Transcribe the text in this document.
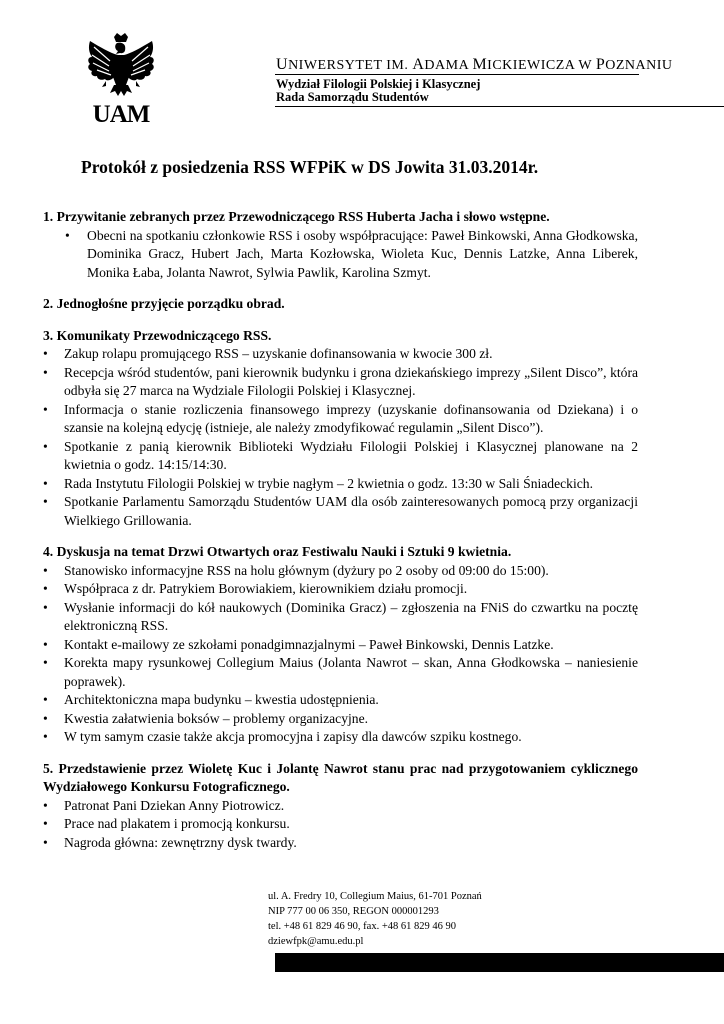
UAM
UNIWERSYTET IM. ADAMA MICKIEWICZA W POZNANIU
Wydział Filologii Polskiej i Klasycznej
Rada Samorządu Studentów
Protokół z posiedzenia RSS WFPiK w DS Jowita 31.03.2014r.

1. Przywitanie zebranych przez Przewodniczącego RSS Huberta Jacha i słowo wstępne.

• Obecni na spotkaniu członkowie RSS i osoby współpracujące: Paweł Binkowski, Anna Głodkowska, Dominika Gracz, Hubert Jach, Marta Kozłowska, Wioleta Kuc, Dennis Latzke, Anna Liberek, Monika Łaba, Jolanta Nawrot, Sylwia Pawlik, Karolina Szmyt.

2. Jednogłośne przyjęcie porządku obrad.

3. Komunikaty Przewodniczącego RSS.

• Zakup rolapu promującego RSS – uzyskanie dofinansowania w kwocie 300 zł.
• Recepcja wśród studentów, pani kierownik budynku i grona dziekańskiego imprezy „Silent Disco”, która odbyła się 27 marca na Wydziale Filologii Polskiej i Klasycznej.
• Informacja o stanie rozliczenia finansowego imprezy (uzyskanie dofinansowania od Dziekana) i o szansie na kolejną edycję (istnieje, ale należy zmodyfikować regulamin „Silent Disco”).
• Spotkanie z panią kierownik Biblioteki Wydziału Filologii Polskiej i Klasycznej planowane na 2 kwietnia o godz. 14:15/14:30.
• Rada Instytutu Filologii Polskiej w trybie nagłym – 2 kwietnia o godz. 13:30 w Sali Śniadeckich.
• Spotkanie Parlamentu Samorządu Studentów UAM dla osób zainteresowanych pomocą przy organizacji Wielkiego Grillowania.

4. Dyskusja na temat Drzwi Otwartych oraz Festiwalu Nauki i Sztuki 9 kwietnia.

• Stanowisko informacyjne RSS na holu głównym (dyżury po 2 osoby od 09:00 do 15:00).
• Współpraca z dr. Patrykiem Borowiakiem, kierownikiem działu promocji.
• Wysłanie informacji do kół naukowych (Dominika Gracz) – zgłoszenia na FNiS do czwartku na pocztę elektroniczną RSS.
• Kontakt e-mailowy ze szkołami ponadgimnazjalnymi – Paweł Binkowski, Dennis Latzke.
• Korekta mapy rysunkowej Collegium Maius (Jolanta Nawrot – skan, Anna Głodkowska – naniesienie poprawek).
• Architektoniczna mapa budynku – kwestia udostępnienia.
• Kwestia załatwienia boksów – problemy organizacyjne.
• W tym samym czasie także akcja promocyjna i zapisy dla dawców szpiku kostnego.

5. Przedstawienie przez Wioletę Kuc i Jolantę Nawrot stanu prac nad przygotowaniem cyklicznego Wydziałowego Konkursu Fotograficznego.

• Patronat Pani Dziekan Anny Piotrowicz.
• Prace nad plakatem i promocją konkursu.
• Nagroda główna: zewnętrzny dysk twardy.
ul. A. Fredry 10, Collegium Maius, 61-701 Poznań
NIP 777 00 06 350, REGON 000001293
tel. +48 61 829 46 90, fax. +48 61 829 46 90
dziewfpk@amu.edu.pl
